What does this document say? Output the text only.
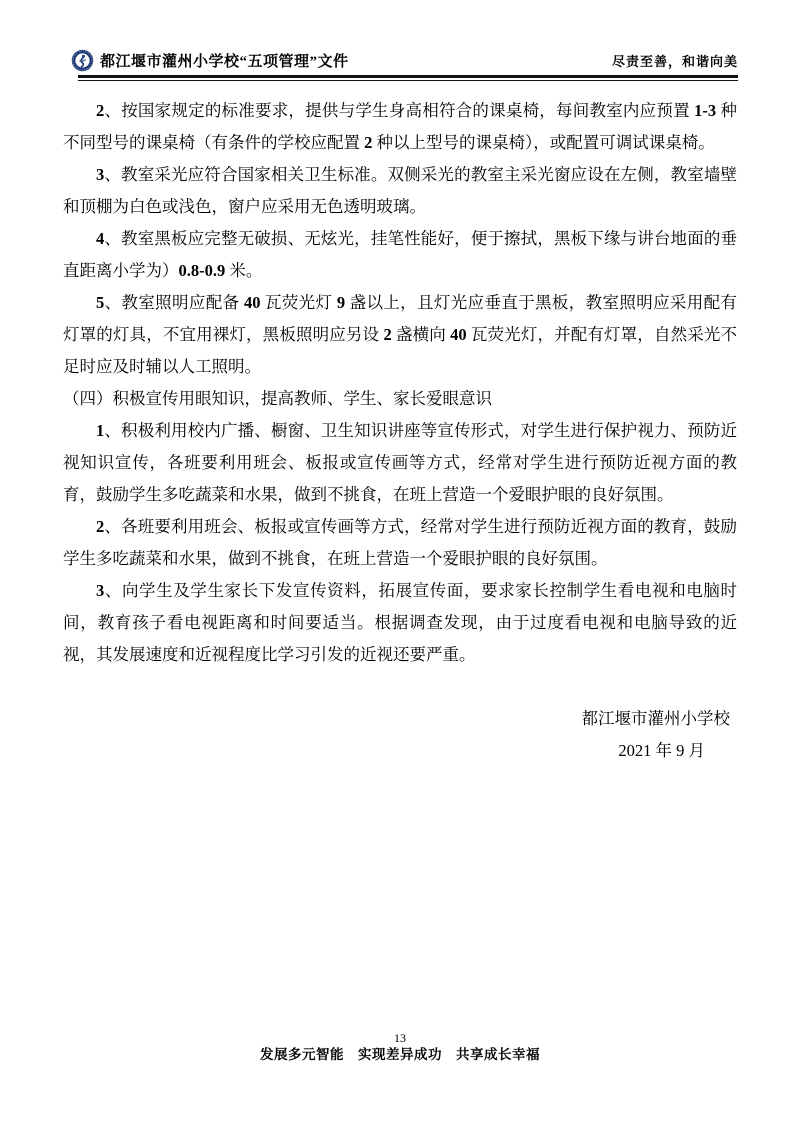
都江堰市灌州小学校“五项管理”文件	尽责至善，和谐向美

2、按国家规定的标准要求，提供与学生身高相符合的课桌椅，每间教室内应预置 1-3 种不同型号的课桌椅（有条件的学校应配置 2 种以上型号的课桌椅），或配置可调试课桌椅。

3、教室采光应符合国家相关卫生标准。双侧采光的教室主采光窗应设在左侧，教室墙壁和顶棚为白色或浅色，窗户应采用无色透明玻璃。

4、教室黑板应完整无破损、无炫光，挂笔性能好，便于擦拭，黑板下缘与讲台地面的垂直距离小学为）0.8-0.9 米。

5、教室照明应配备 40 瓦荧光灯 9 盏以上，且灯光应垂直于黑板，教室照明应采用配有灯罩的灯具，不宜用裸灯，黑板照明应另设 2 盏横向 40 瓦荧光灯，并配有灯罩，自然采光不足时应及时辅以人工照明。

（四）积极宣传用眼知识，提高教师、学生、家长爱眼意识

1、积极利用校内广播、橱窗、卫生知识讲座等宣传形式，对学生进行保护视力、预防近视知识宣传，各班要利用班会、板报或宣传画等方式，经常对学生进行预防近视方面的教育，鼓励学生多吃蔬菜和水果，做到不挑食，在班上营造一个爱眼护眼的良好氛围。

2、各班要利用班会、板报或宣传画等方式，经常对学生进行预防近视方面的教育，鼓励学生多吃蔬菜和水果，做到不挑食，在班上营造一个爱眼护眼的良好氛围。

3、向学生及学生家长下发宣传资料，拓展宣传面，要求家长控制学生看电视和电脑时间，教育孩子看电视距离和时间要适当。根据调查发现，由于过度看电视和电脑导致的近视，其发展速度和近视程度比学习引发的近视还要严重。

都江堰市灌州小学校
2021 年 9 月
13
发展多元智能　实现差异成功　共享成长幸福
